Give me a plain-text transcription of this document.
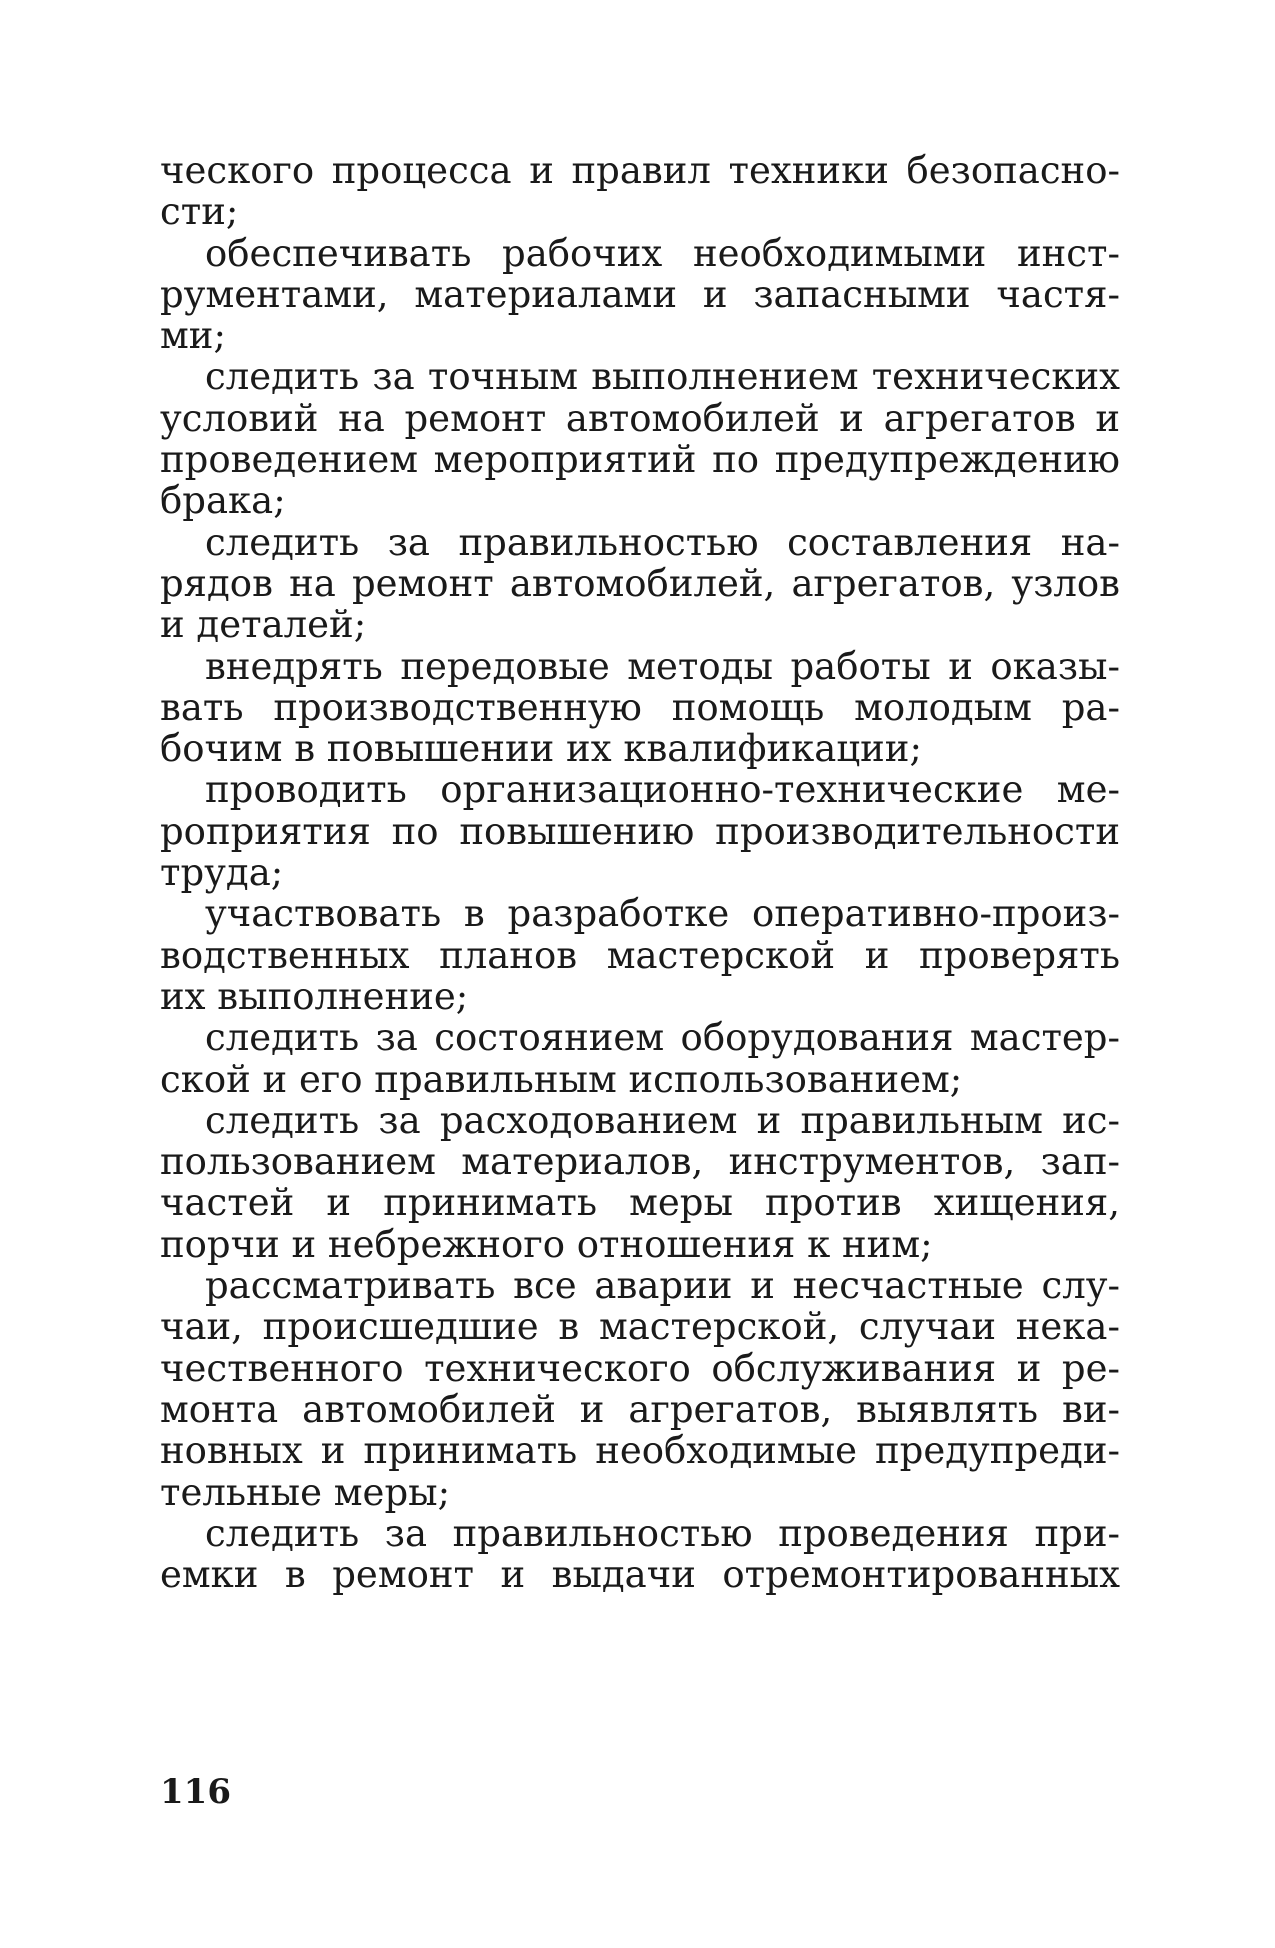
ческого процесса и правил техники безопасно-
сти;
обеспечивать рабочих необходимыми инст-
рументами, материалами и запасными частя-
ми;
следить за точным выполнением технических
условий на ремонт автомобилей и агрегатов и
проведением мероприятий по предупреждению
брака;
следить за правильностью составления на-
рядов на ремонт автомобилей, агрегатов, узлов
и деталей;
внедрять передовые методы работы и оказы-
вать производственную помощь молодым ра-
бочим в повышении их квалификации;
проводить организационно-технические ме-
роприятия по повышению производительности
труда;
участвовать в разработке оперативно-произ-
водственных планов мастерской и проверять
их выполнение;
следить за состоянием оборудования мастер-
ской и его правильным использованием;
следить за расходованием и правильным ис-
пользованием материалов, инструментов, зап-
частей и принимать меры против хищения,
порчи и небрежного отношения к ним;
рассматривать все аварии и несчастные слу-
чаи, происшедшие в мастерской, случаи нека-
чественного технического обслуживания и ре-
монта автомобилей и агрегатов, выявлять ви-
новных и принимать необходимые предупреди-
тельные меры;
следить за правильностью проведения при-
емки в ремонт и выдачи отремонтированных
116
